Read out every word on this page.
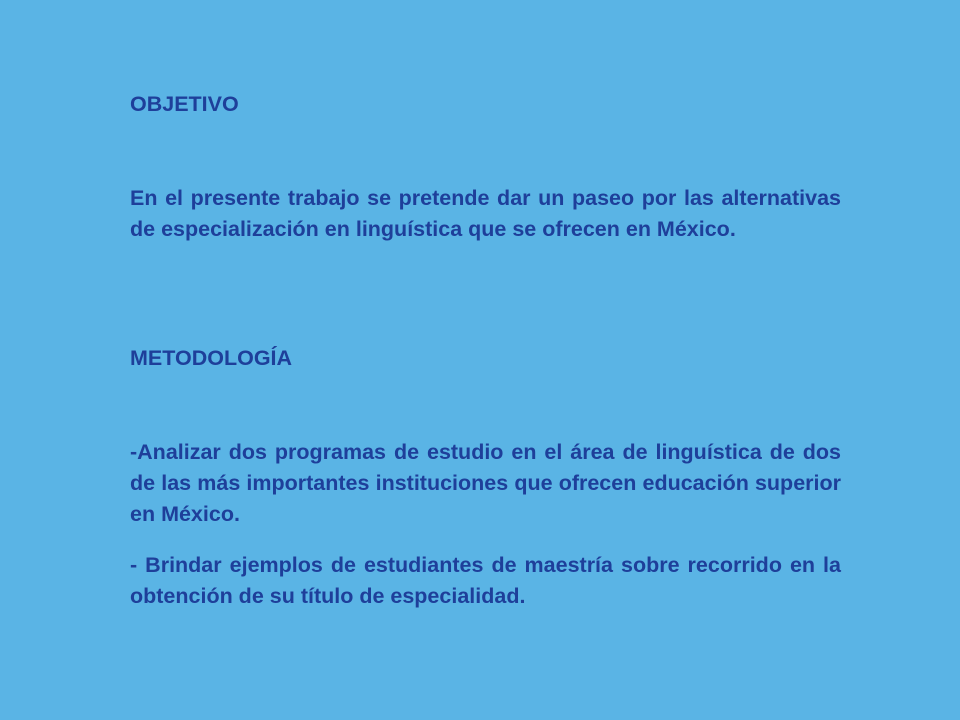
OBJETIVO
En el presente trabajo se pretende dar un paseo por las alternativas de especialización en linguística que se ofrecen en México.
METODOLOGÍA
-Analizar dos programas de estudio en el área de linguística de dos de las más importantes instituciones que ofrecen educación superior en México.
- Brindar ejemplos de estudiantes de maestría sobre recorrido en la obtención de su título de especialidad.
